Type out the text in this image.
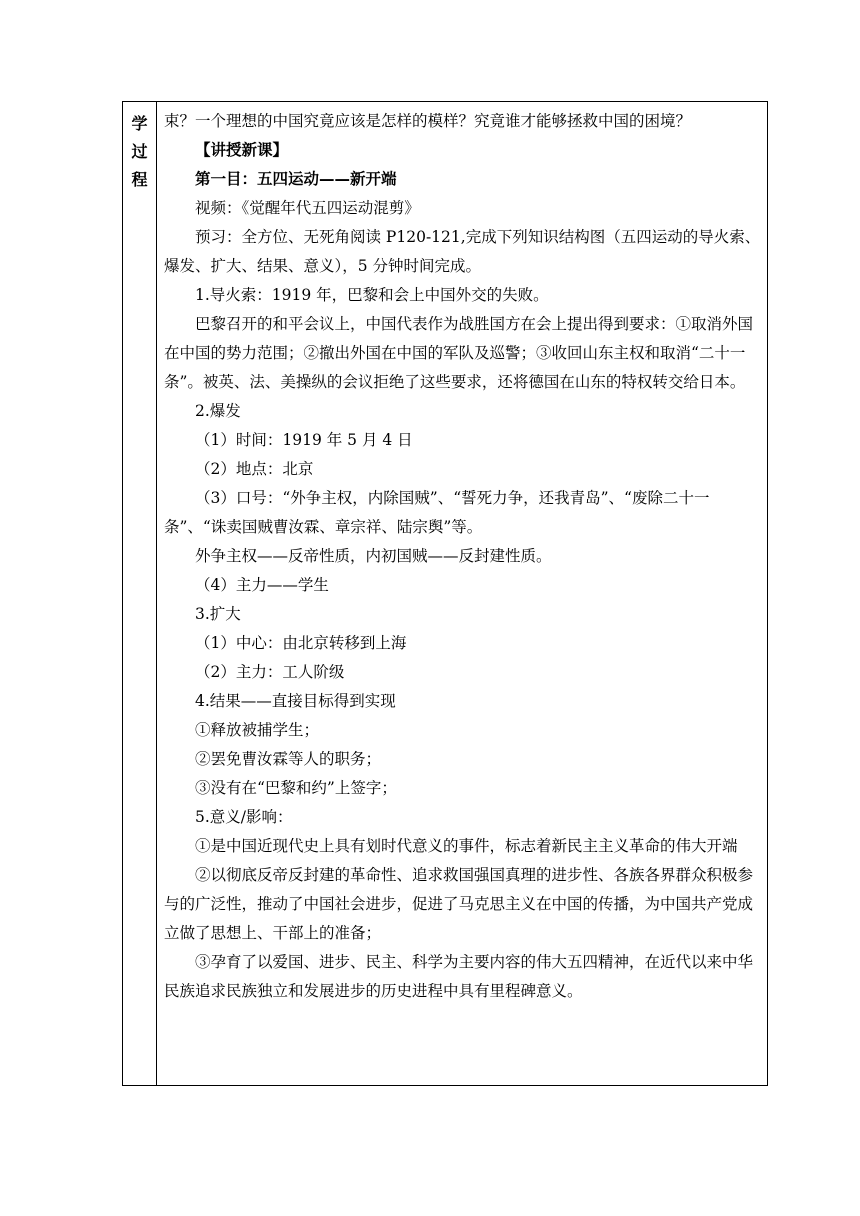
学
过
程

束？一个理想的中国究竟应该是怎样的模样？究竟谁才能够拯救中国的困境？

【讲授新课】

第一目：五四运动——新开端

视频：《觉醒年代五四运动混剪》

预习：全方位、无死角阅读 P120-121,完成下列知识结构图（五四运动的导火索、爆发、扩大、结果、意义），5 分钟时间完成。

1.导火索：1919 年，巴黎和会上中国外交的失败。

巴黎召开的和平会议上，中国代表作为战胜国方在会上提出得到要求：①取消外国在中国的势力范围；②撤出外国在中国的军队及巡警；③收回山东主权和取消“二十一条”。被英、法、美操纵的会议拒绝了这些要求，还将德国在山东的特权转交给日本。

2.爆发

（1）时间：1919 年 5 月 4 日

（2）地点：北京

（3）口号：“外争主权，内除国贼”、“誓死力争，还我青岛”、“废除二十一条”、“诛卖国贼曹汝霖、章宗祥、陆宗舆”等。

外争主权——反帝性质，内初国贼——反封建性质。

（4）主力——学生

3.扩大

（1）中心：由北京转移到上海

（2）主力：工人阶级

4.结果——直接目标得到实现

①释放被捕学生；

②罢免曹汝霖等人的职务；

③没有在“巴黎和约”上签字；

5.意义/影响：

①是中国近现代史上具有划时代意义的事件，标志着新民主主义革命的伟大开端

②以彻底反帝反封建的革命性、追求救国强国真理的进步性、各族各界群众积极参与的广泛性，推动了中国社会进步，促进了马克思主义在中国的传播，为中国共产党成立做了思想上、干部上的准备；

③孕育了以爱国、进步、民主、科学为主要内容的伟大五四精神，在近代以来中华民族追求民族独立和发展进步的历史进程中具有里程碑意义。
